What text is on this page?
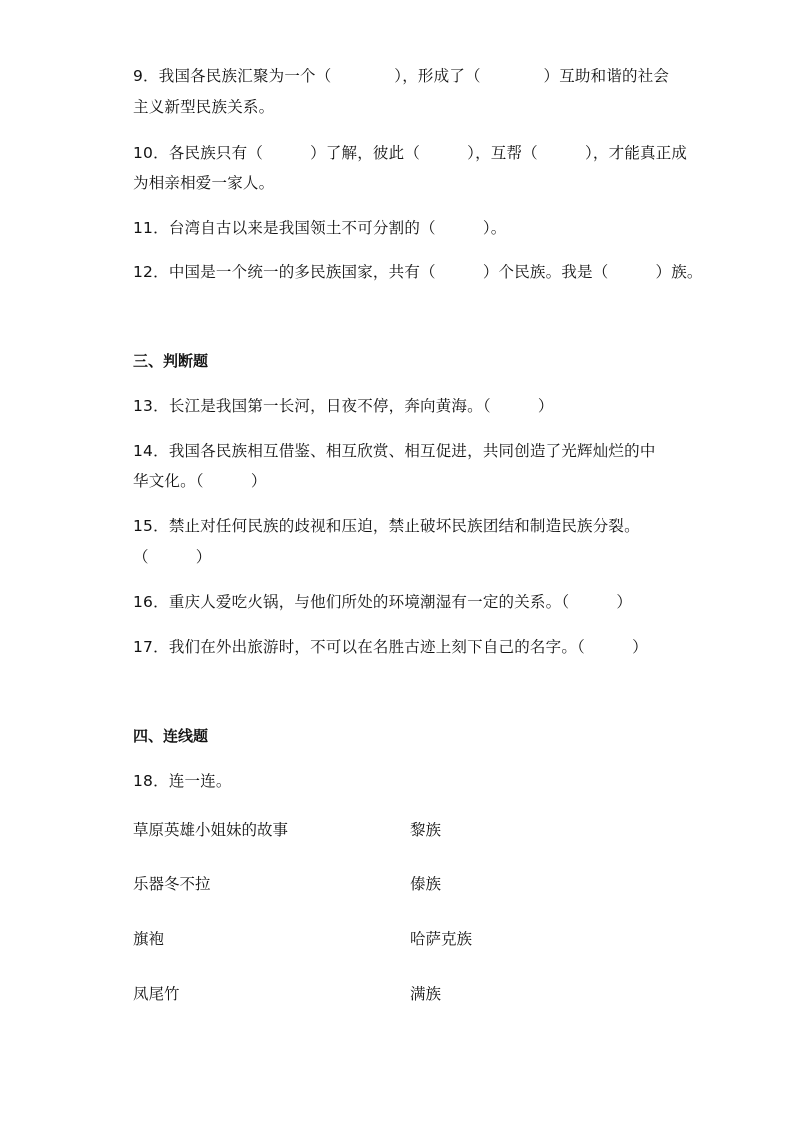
9．我国各民族汇聚为一个（　　　　），形成了（　　　　）互助和谐的社会
主义新型民族关系。
10．各民族只有（　　　）了解，彼此（　　　），互帮（　　　），才能真正成
为相亲相爱一家人。
11．台湾自古以来是我国领土不可分割的（　　　）。
12．中国是一个统一的多民族国家，共有（　　　）个民族。我是（　　　）族。
三、判断题
13．长江是我国第一长河，日夜不停，奔向黄海。（　　　）
14．我国各民族相互借鉴、相互欣赏、相互促进，共同创造了光辉灿烂的中
华文化。（　　　）
15．禁止对任何民族的歧视和压迫，禁止破坏民族团结和制造民族分裂。
（　　　）
16．重庆人爱吃火锅，与他们所处的环境潮湿有一定的关系。（　　　）
17．我们在外出旅游时，不可以在名胜古迹上刻下自己的名字。（　　　）
四、连线题
18．连一连。
草原英雄小姐妹的故事	黎族
乐器冬不拉	傣族
旗袍	哈萨克族
凤尾竹	满族
